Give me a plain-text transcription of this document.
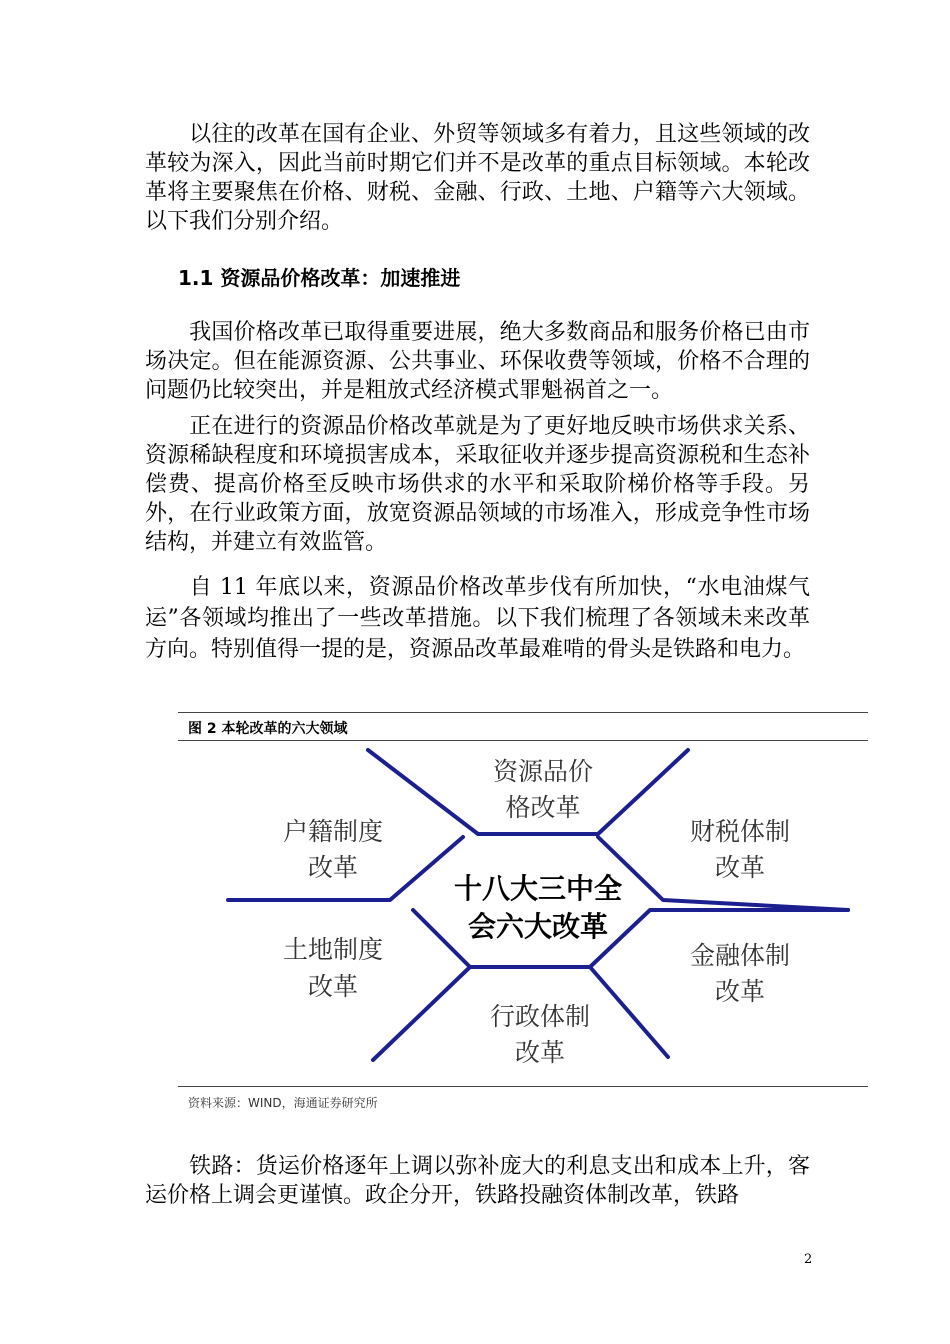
以往的改革在国有企业、外贸等领域多有着力，且这些领域的改革较为深入，因此当前时期它们并不是改革的重点目标领域。本轮改革将主要聚焦在价格、财税、金融、行政、土地、户籍等六大领域。以下我们分别介绍。

1.1 资源品价格改革：加速推进

我国价格改革已取得重要进展，绝大多数商品和服务价格已由市场决定。但在能源资源、公共事业、环保收费等领域，价格不合理的问题仍比较突出，并是粗放式经济模式罪魁祸首之一。

正在进行的资源品价格改革就是为了更好地反映市场供求关系、资源稀缺程度和环境损害成本，采取征收并逐步提高资源税和生态补偿费、提高价格至反映市场供求的水平和采取阶梯价格等手段。另外，在行业政策方面，放宽资源品领域的市场准入，形成竞争性市场结构，并建立有效监管。

自 11 年底以来，资源品价格改革步伐有所加快，“水电油煤气运”各领域均推出了一些改革措施。以下我们梳理了各领域未来改革方向。特别值得一提的是，资源品改革最难啃的骨头是铁路和电力。

图 2 本轮改革的六大领域
资源品价
格改革
户籍制度
改革
财税体制
改革
十八大三中全
会六大改革
土地制度
改革
金融体制
改革
行政体制
改革
资料来源：WIND，海通证券研究所

铁路：货运价格逐年上调以弥补庞大的利息支出和成本上升，客运价格上调会更谨慎。政企分开，铁路投融资体制改革，铁路

2
